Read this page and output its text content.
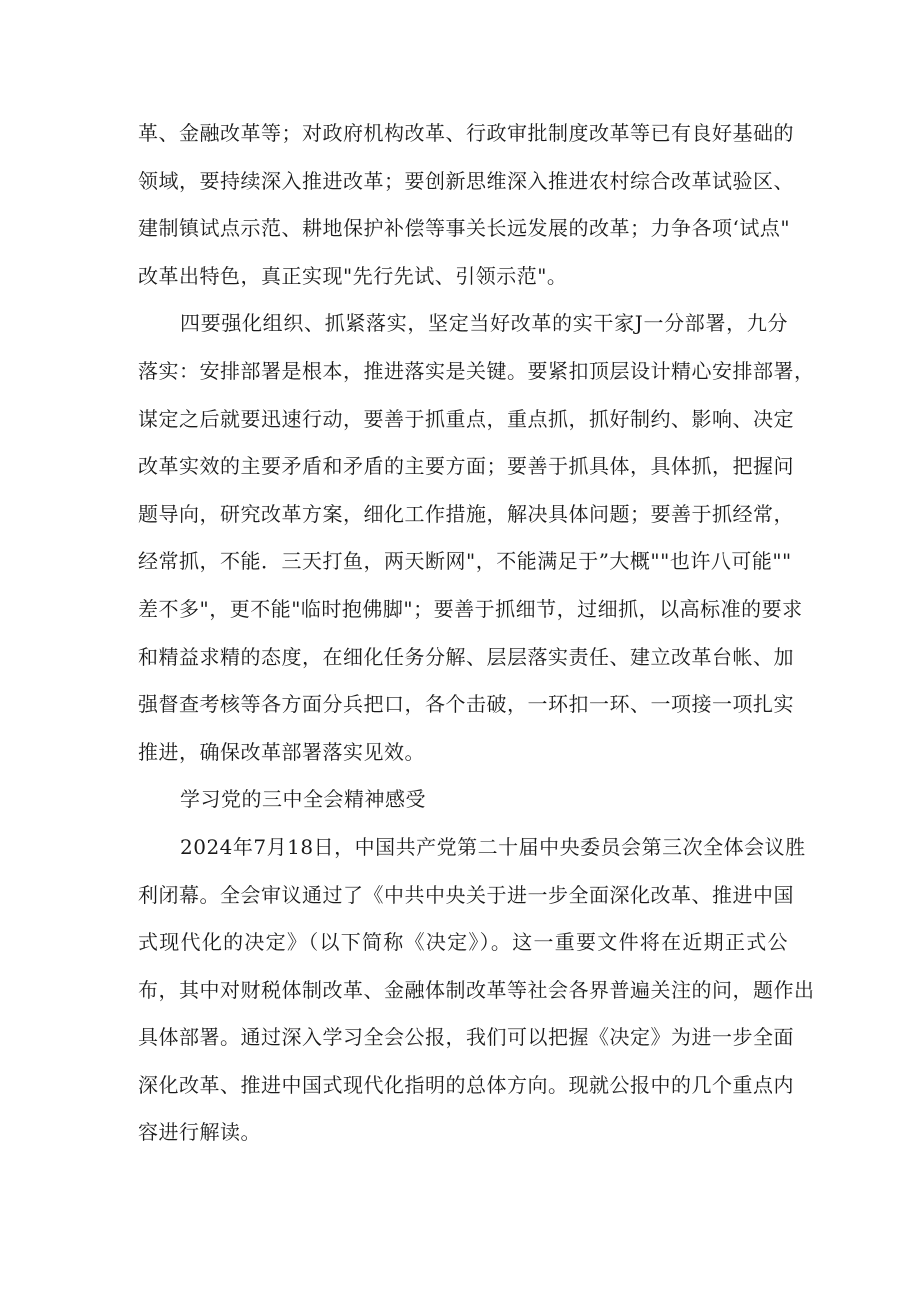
革、金融改革等；对政府机构改革、行政审批制度改革等已有良好基础的
领域，要持续深入推进改革；要创新思维深入推进农村综合改革试验区、
建制镇试点示范、耕地保护补偿等事关长远发展的改革；力争各项‘试点"
改革出特色，真正实现"先行先试、引领示范"。
四要强化组织、抓紧落实，坚定当好改革的实干家J一分部署，九分
落实：安排部署是根本，推进落实是关键。要紧扣顶层设计精心安排部署，
谋定之后就要迅速行动，要善于抓重点，重点抓，抓好制约、影响、决定
改革实效的主要矛盾和矛盾的主要方面；要善于抓具体，具体抓，把握问
题导向，研究改革方案，细化工作措施，解决具体问题；要善于抓经常，
经常抓，不能．三天打鱼，两天断网"，不能满足于”大概""也许八可能""
差不多"，更不能"临时抱佛脚"；要善于抓细节，过细抓，以高标准的要求
和精益求精的态度，在细化任务分解、层层落实责任、建立改革台帐、加
强督查考核等各方面分兵把口，各个击破，一环扣一环、一项接一项扎实
推进，确保改革部署落实见效。
学习党的三中全会精神感受
2024年7月18日，中国共产党第二十届中央委员会第三次全体会议胜
利闭幕。全会审议通过了《中共中央关于进一步全面深化改革、推进中国
式现代化的决定》（以下简称《决定》）。这一重要文件将在近期正式公
布，其中对财税体制改革、金融体制改革等社会各界普遍关注的问，题作出
具体部署。通过深入学习全会公报，我们可以把握《决定》为进一步全面
深化改革、推进中国式现代化指明的总体方向。现就公报中的几个重点内
容进行解读。
